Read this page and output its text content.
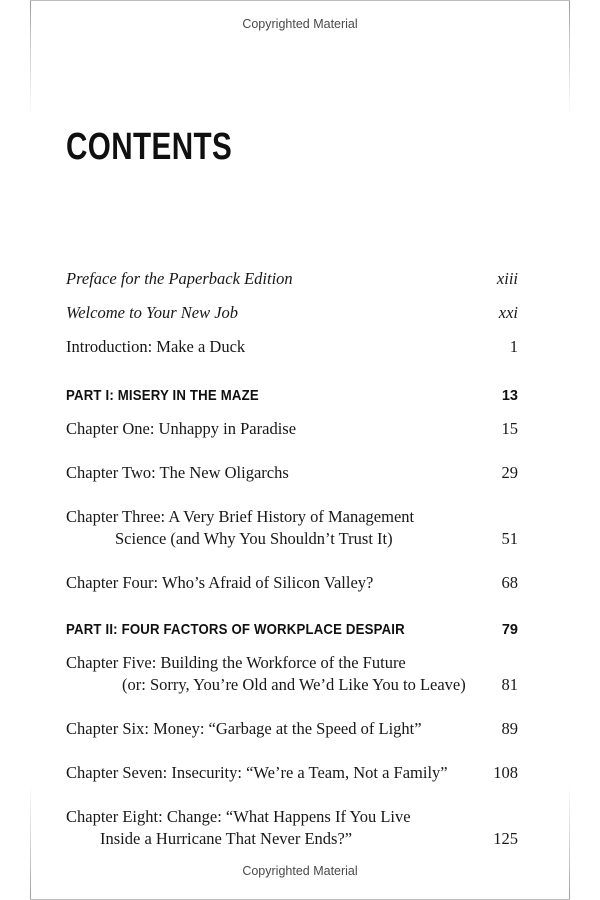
Copyrighted Material
CONTENTS
Preface for the Paperback Edition	xiii
Welcome to Your New Job	xxi
Introduction: Make a Duck	1
PART I: MISERY IN THE MAZE	13
Chapter One: Unhappy in Paradise	15
Chapter Two: The New Oligarchs	29
Chapter Three: A Very Brief History of Management
Science (and Why You Shouldn’t Trust It)	51
Chapter Four: Who’s Afraid of Silicon Valley?	68
PART II: FOUR FACTORS OF WORKPLACE DESPAIR	79
Chapter Five: Building the Workforce of the Future
(or: Sorry, You’re Old and We’d Like You to Leave) 81
Chapter Six: Money: “Garbage at the Speed of Light”	89
Chapter Seven: Insecurity: “We’re a Team, Not a Family”	108
Chapter Eight: Change: “What Happens If You Live
Inside a Hurricane That Never Ends?”	125
Copyrighted Material
